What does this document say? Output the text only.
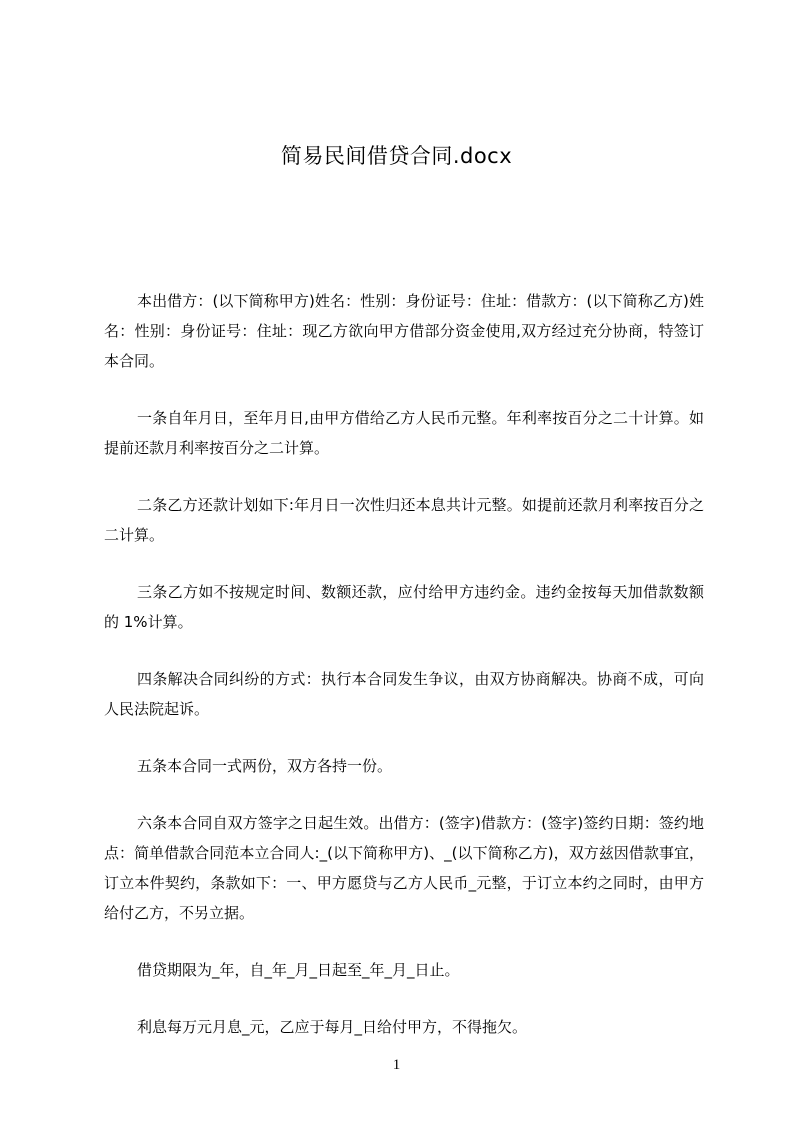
简易民间借贷合同.docx

本出借方：(以下简称甲方)姓名：性别：身份证号：住址：借款方：(以下简称乙方)姓名：性别：身份证号：住址：现乙方欲向甲方借部分资金使用,双方经过充分协商，特签订本合同。

一条自年月日，至年月日,由甲方借给乙方人民币元整。年利率按百分之二十计算。如提前还款月利率按百分之二计算。

二条乙方还款计划如下:年月日一次性归还本息共计元整。如提前还款月利率按百分之二计算。

三条乙方如不按规定时间、数额还款，应付给甲方违约金。违约金按每天加借款数额的 1%计算。

四条解决合同纠纷的方式：执行本合同发生争议，由双方协商解决。协商不成，可向人民法院起诉。

五条本合同一式两份，双方各持一份。

六条本合同自双方签字之日起生效。出借方：(签字)借款方：(签字)签约日期：签约地点：简单借款合同范本立合同人:_(以下简称甲方)、_(以下简称乙方)，双方兹因借款事宜，订立本件契约，条款如下：一、甲方愿贷与乙方人民币_元整，于订立本约之同时，由甲方给付乙方，不另立据。

借贷期限为_年，自_年_月_日起至_年_月_日止。

利息每万元月息_元，乙应于每月_日给付甲方，不得拖欠。

1
